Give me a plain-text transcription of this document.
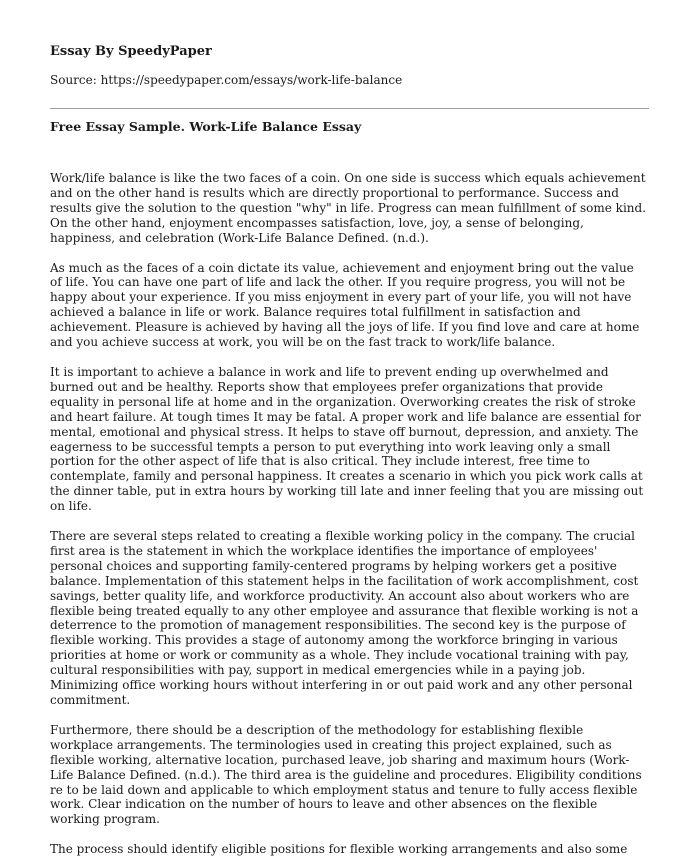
Essay By SpeedyPaper

Source: https://speedypaper.com/essays/work-life-balance

Free Essay Sample. Work-Life Balance Essay

Work/life balance is like the two faces of a coin. On one side is success which equals achievement and on the other hand is results which are directly proportional to performance. Success and results give the solution to the question "why" in life. Progress can mean fulfillment of some kind. On the other hand, enjoyment encompasses satisfaction, love, joy, a sense of belonging, happiness, and celebration (Work-Life Balance Defined. (n.d.).

As much as the faces of a coin dictate its value, achievement and enjoyment bring out the value of life. You can have one part of life and lack the other. If you require progress, you will not be happy about your experience. If you miss enjoyment in every part of your life, you will not have achieved a balance in life or work. Balance requires total fulfillment in satisfaction and achievement. Pleasure is achieved by having all the joys of life. If you find love and care at home and you achieve success at work, you will be on the fast track to work/life balance.

It is important to achieve a balance in work and life to prevent ending up overwhelmed and burned out and be healthy. Reports show that employees prefer organizations that provide equality in personal life at home and in the organization. Overworking creates the risk of stroke and heart failure. At tough times It may be fatal. A proper work and life balance are essential for mental, emotional and physical stress. It helps to stave off burnout, depression, and anxiety. The eagerness to be successful tempts a person to put everything into work leaving only a small portion for the other aspect of life that is also critical. They include interest, free time to contemplate, family and personal happiness. It creates a scenario in which you pick work calls at the dinner table, put in extra hours by working till late and inner feeling that you are missing out on life.

There are several steps related to creating a flexible working policy in the company. The crucial first area is the statement in which the workplace identifies the importance of employees' personal choices and supporting family-centered programs by helping workers get a positive balance. Implementation of this statement helps in the facilitation of work accomplishment, cost savings, better quality life, and workforce productivity. An account also about workers who are flexible being treated equally to any other employee and assurance that flexible working is not a deterrence to the promotion of management responsibilities. The second key is the purpose of flexible working. This provides a stage of autonomy among the workforce bringing in various priorities at home or work or community as a whole. They include vocational training with pay, cultural responsibilities with pay, support in medical emergencies while in a paying job. Minimizing office working hours without interfering in or out paid work and any other personal commitment.

Furthermore, there should be a description of the methodology for establishing flexible workplace arrangements. The terminologies used in creating this project explained, such as flexible working, alternative location, purchased leave, job sharing and maximum hours (Work-Life Balance Defined. (n.d.). The third area is the guideline and procedures. Eligibility conditions re to be laid down and applicable to which employment status and tenure to fully access flexible work. Clear indication on the number of hours to leave and other absences on the flexible working program.

The process should identify eligible positions for flexible working arrangements and also some
